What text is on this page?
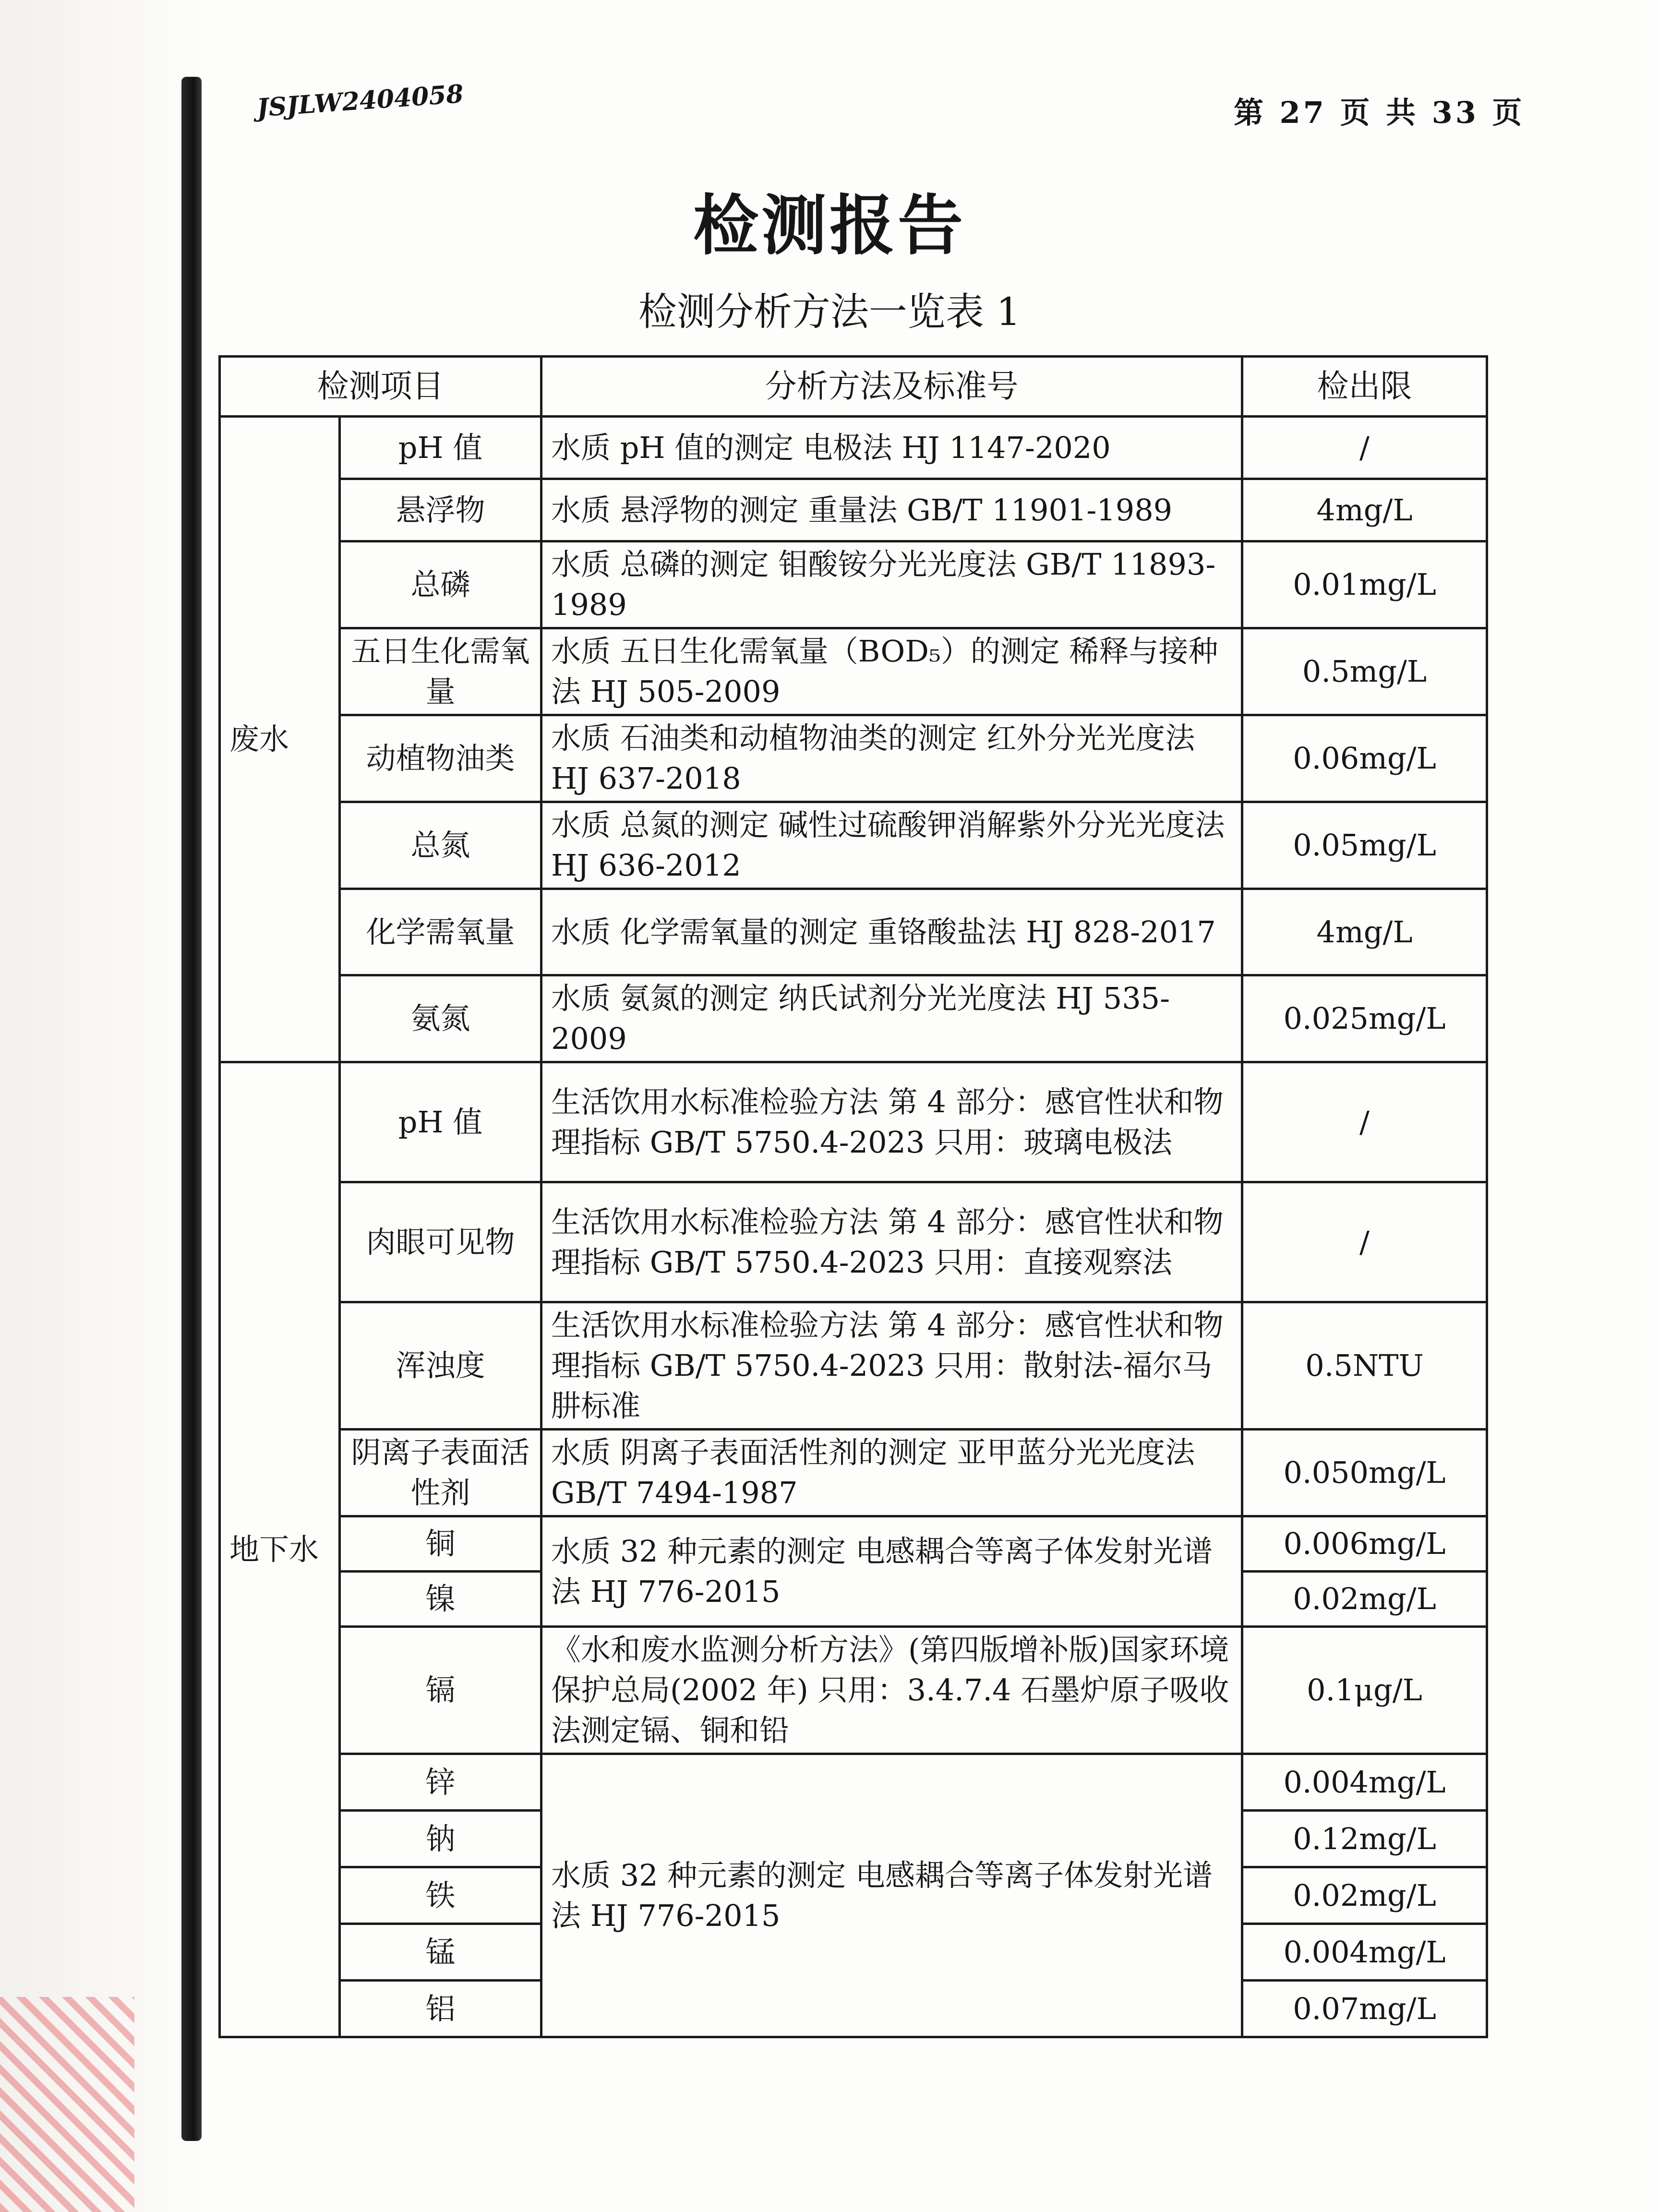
JSJLW2404058	第 27 页 共 33 页
检测报告
检测分析方法一览表 1
检测项目		分析方法及标准号	检出限
废水	pH 值	水质 pH 值的测定 电极法 HJ 1147-2020	/
	悬浮物	水质 悬浮物的测定 重量法 GB/T 11901-1989	4mg/L
	总磷	水质 总磷的测定 钼酸铵分光光度法 GB/T 11893-1989	0.01mg/L
	五日生化需氧量	水质 五日生化需氧量（BOD₅）的测定 稀释与接种法 HJ 505-2009	0.5mg/L
	动植物油类	水质 石油类和动植物油类的测定 红外分光光度法 HJ 637-2018	0.06mg/L
	总氮	水质 总氮的测定 碱性过硫酸钾消解紫外分光光度法 HJ 636-2012	0.05mg/L
	化学需氧量	水质 化学需氧量的测定 重铬酸盐法 HJ 828-2017	4mg/L
	氨氮	水质 氨氮的测定 纳氏试剂分光光度法 HJ 535-2009	0.025mg/L
地下水	pH 值	生活饮用水标准检验方法 第 4 部分：感官性状和物理指标 GB/T 5750.4-2023 只用：玻璃电极法	/
	肉眼可见物	生活饮用水标准检验方法 第 4 部分：感官性状和物理指标 GB/T 5750.4-2023 只用：直接观察法	/
	浑浊度	生活饮用水标准检验方法 第 4 部分：感官性状和物理指标 GB/T 5750.4-2023 只用：散射法-福尔马肼标准	0.5NTU
	阴离子表面活性剂	水质 阴离子表面活性剂的测定 亚甲蓝分光光度法 GB/T 7494-1987	0.050mg/L
	铜	水质 32 种元素的测定 电感耦合等离子体发射光谱法 HJ 776-2015	0.006mg/L
	镍		0.02mg/L
	镉	《水和废水监测分析方法》(第四版增补版)国家环境保护总局(2002 年) 只用：3.4.7.4 石墨炉原子吸收法测定镉、铜和铅	0.1μg/L
	锌	水质 32 种元素的测定 电感耦合等离子体发射光谱法 HJ 776-2015	0.004mg/L
	钠		0.12mg/L
	铁		0.02mg/L
	锰		0.004mg/L
	铝		0.07mg/L
